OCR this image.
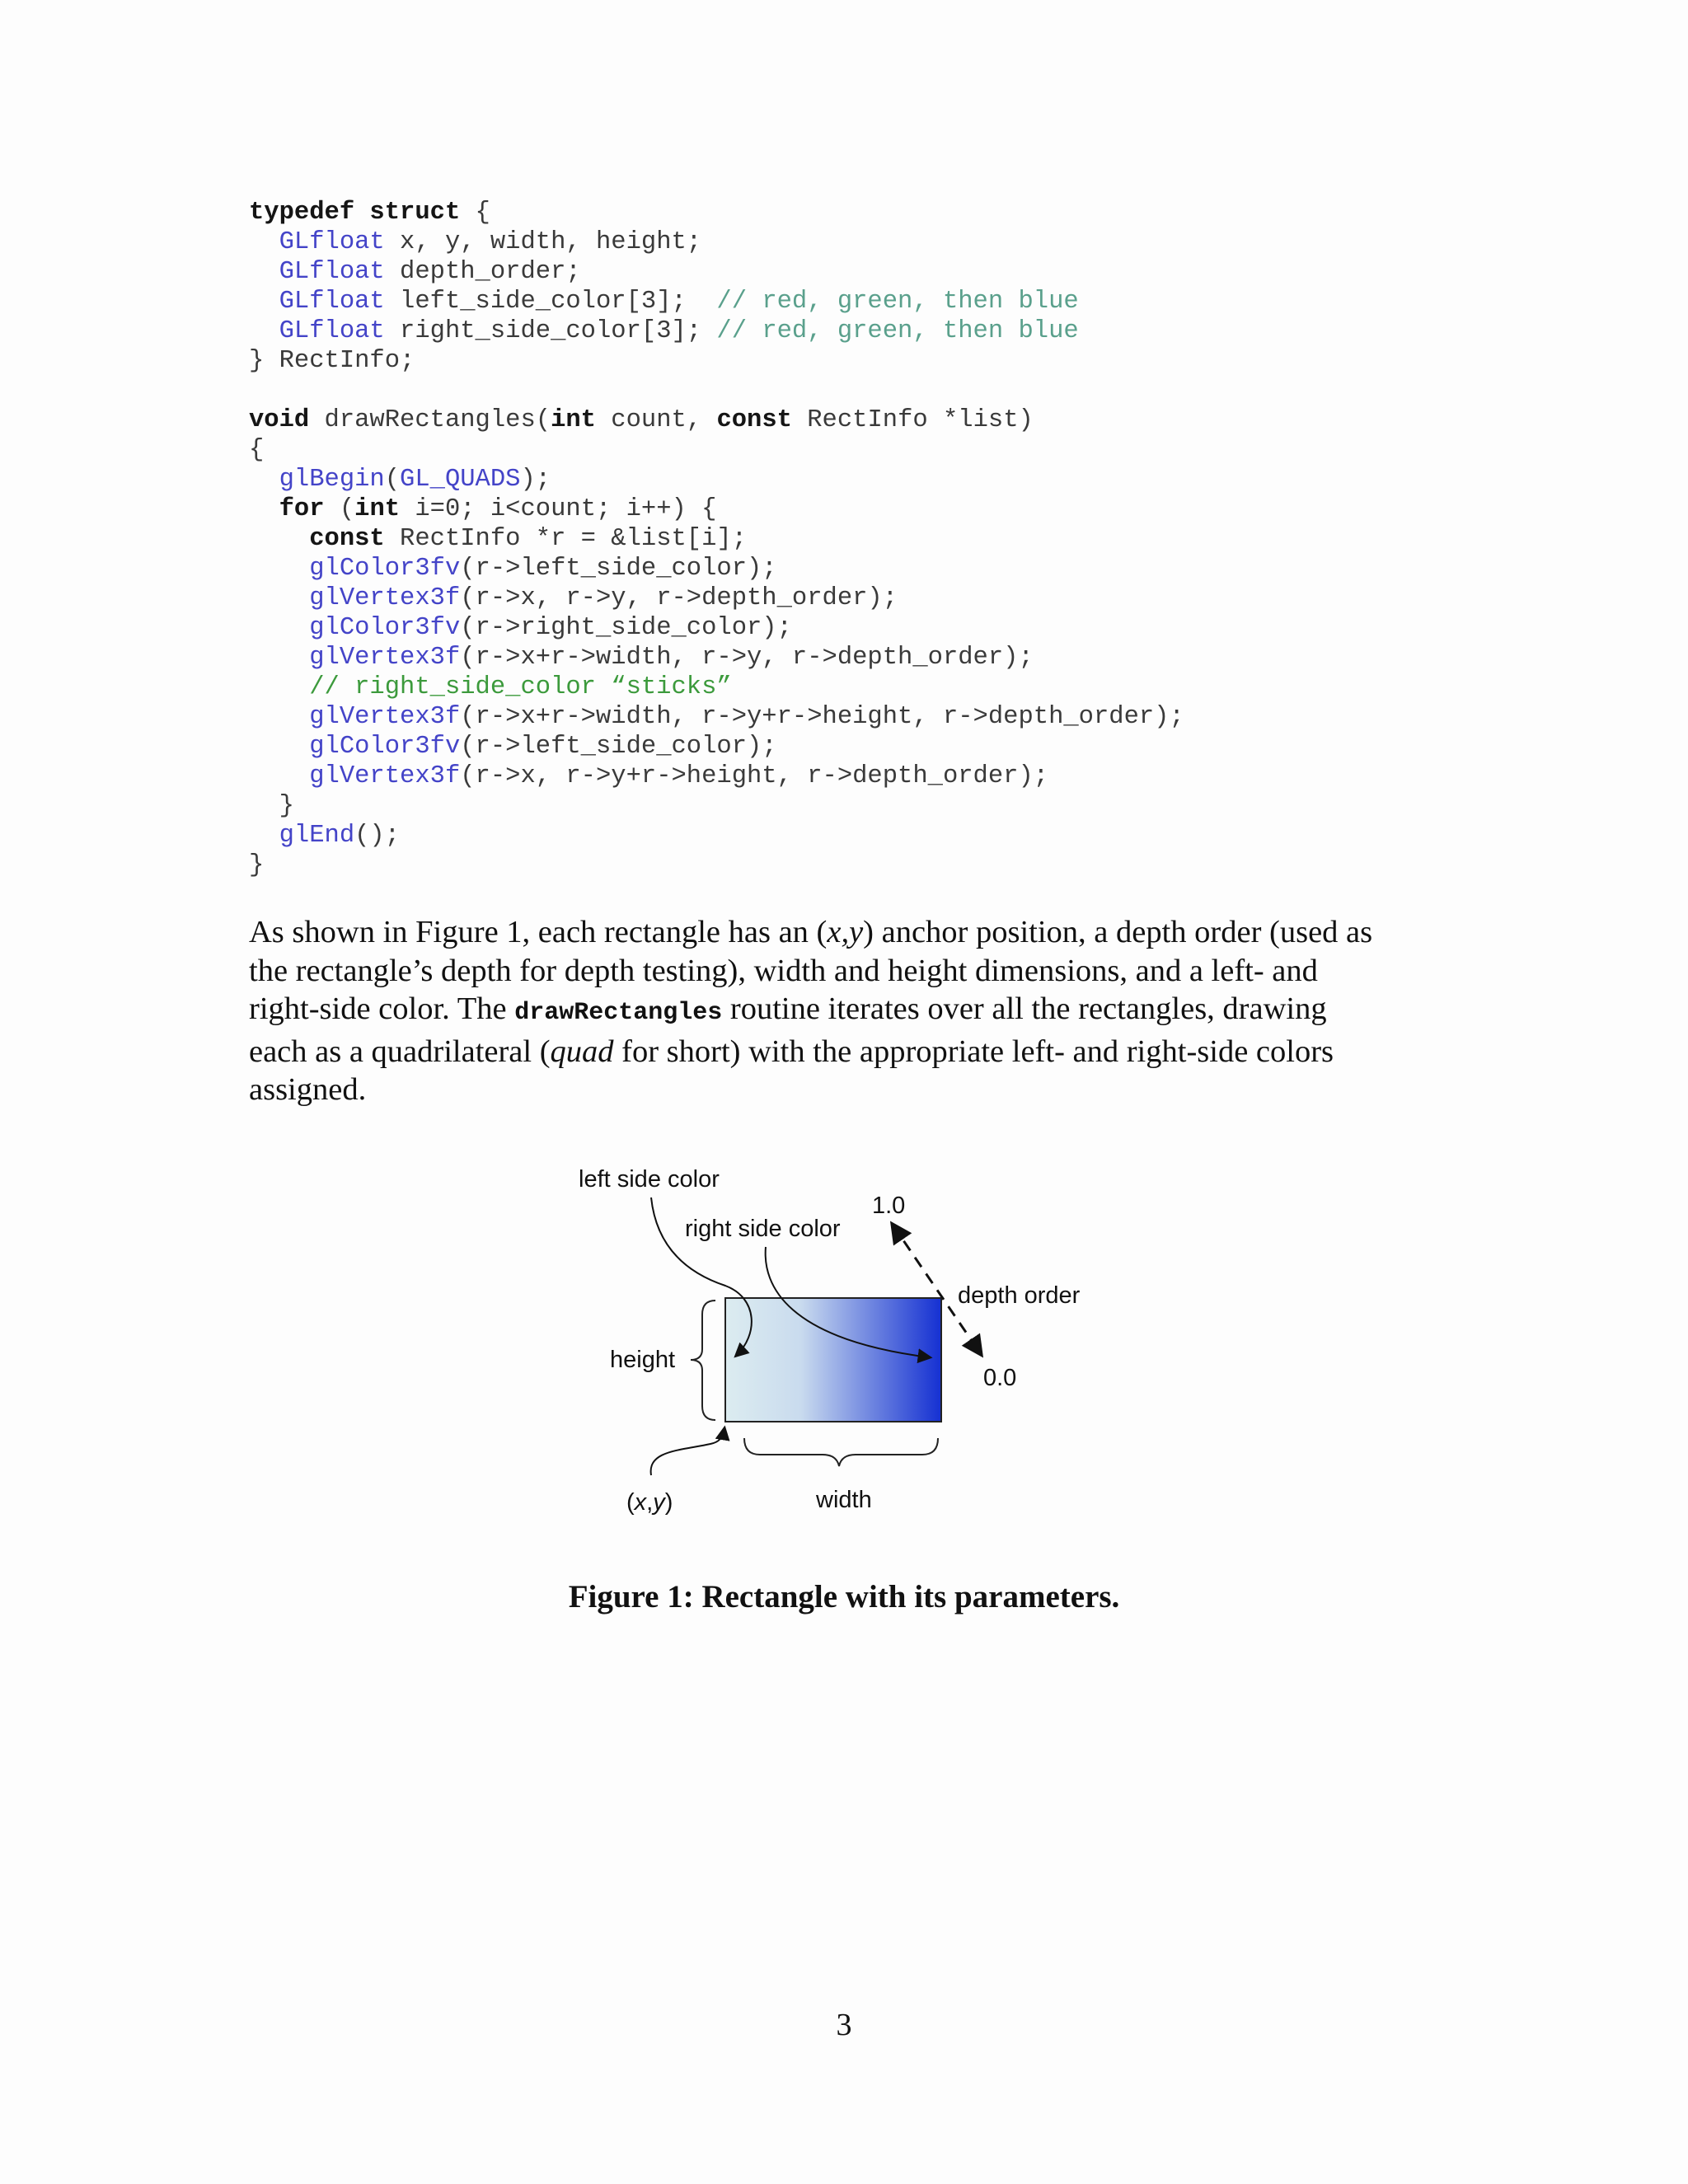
typedef struct {
GLfloat x, y, width, height;
GLfloat depth_order;
GLfloat left_side_color[3];  // red, green, then blue
GLfloat right_side_color[3]; // red, green, then blue
} RectInfo;
void drawRectangles(int count, const RectInfo *list)
{
glBegin(GL_QUADS);
for (int i=0; i<count; i++) {
const RectInfo *r = &list[i];
glColor3fv(r->left_side_color);
glVertex3f(r->x, r->y, r->depth_order);
glColor3fv(r->right_side_color);
glVertex3f(r->x+r->width, r->y, r->depth_order);
// right_side_color “sticks”
glVertex3f(r->x+r->width, r->y+r->height, r->depth_order);
glColor3fv(r->left_side_color);
glVertex3f(r->x, r->y+r->height, r->depth_order);
}
glEnd();
}
As shown in Figure 1, each rectangle has an (x,y) anchor position, a depth order (used as
the rectangle’s depth for depth testing), width and height dimensions, and a left- and
right-side color. The drawRectangles routine iterates over all the rectangles, drawing
each as a quadrilateral (quad for short) with the appropriate left- and right-side colors
assigned.
left side color
right side color
1.0
depth order
0.0
height
width
(x,y)
Figure 1: Rectangle with its parameters.
3
